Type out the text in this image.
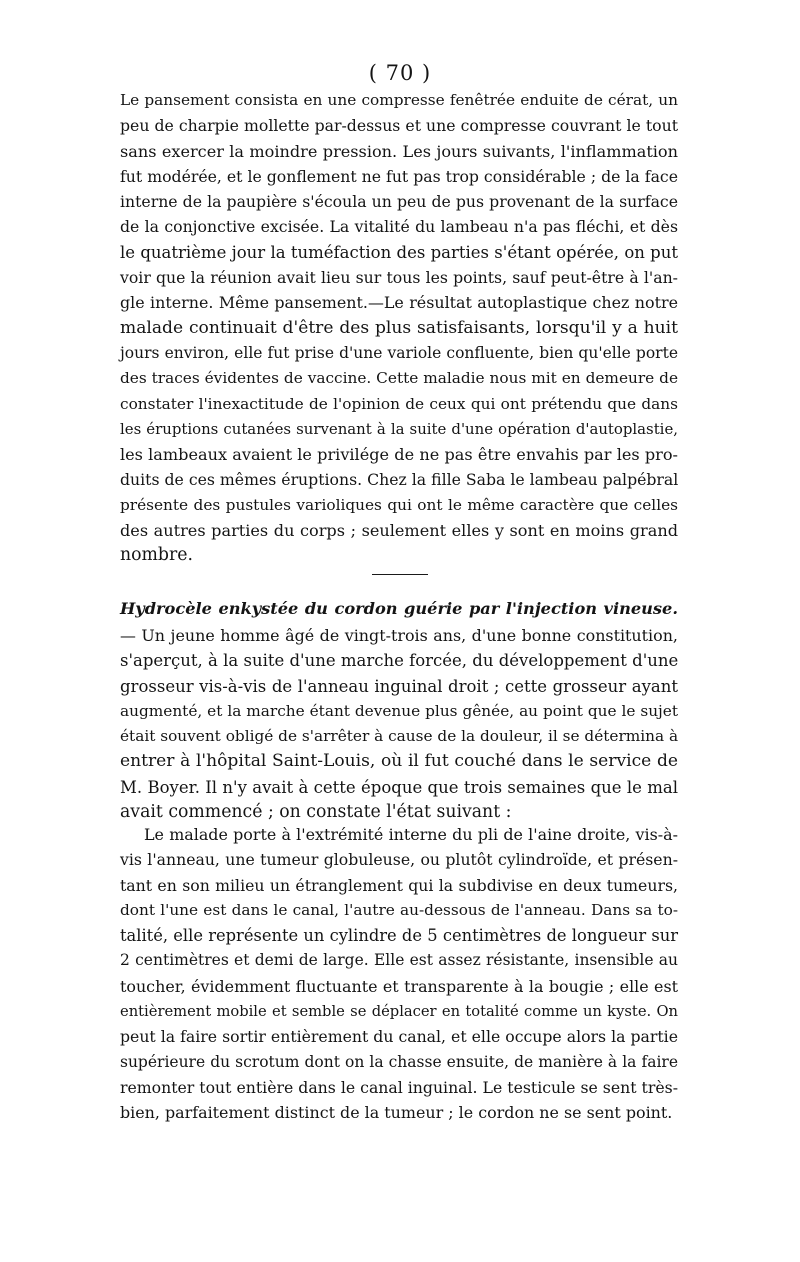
( 70 )
Le pansement consista en une compresse fenêtrée enduite de cérat, un
peu de charpie mollette par-dessus et une compresse couvrant le tout
sans exercer la moindre pression. Les jours suivants, l'inflammation
fut modérée, et le gonflement ne fut pas trop considérable ; de la face
interne de la paupière s'écoula un peu de pus provenant de la surface
de la conjonctive excisée. La vitalité du lambeau n'a pas fléchi, et dès
le quatrième jour la tuméfaction des parties s'étant opérée, on put
voir que la réunion avait lieu sur tous les points, sauf peut-être à l'an-
gle interne. Même pansement.—Le résultat autoplastique chez notre
malade continuait d'être des plus satisfaisants, lorsqu'il y a huit
jours environ, elle fut prise d'une variole confluente, bien qu'elle porte
des traces évidentes de vaccine. Cette maladie nous mit en demeure de
constater l'inexactitude de l'opinion de ceux qui ont prétendu que dans
les éruptions cutanées survenant à la suite d'une opération d'autoplastie,
les lambeaux avaient le privilége de ne pas être envahis par les pro-
duits de ces mêmes éruptions. Chez la fille Saba le lambeau palpébral
présente des pustules varioliques qui ont le même caractère que celles
des autres parties du corps ; seulement elles y sont en moins grand
nombre.
Hydrocèle enkystée du cordon guérie par l'injection vineuse.
— Un jeune homme âgé de vingt-trois ans, d'une bonne constitution,
s'aperçut, à la suite d'une marche forcée, du développement d'une
grosseur vis-à-vis de l'anneau inguinal droit ; cette grosseur ayant
augmenté, et la marche étant devenue plus gênée, au point que le sujet
était souvent obligé de s'arrêter à cause de la douleur, il se détermina à
entrer à l'hôpital Saint-Louis, où il fut couché dans le service de
M. Boyer. Il n'y avait à cette époque que trois semaines que le mal
avait commencé ; on constate l'état suivant :
Le malade porte à l'extrémité interne du pli de l'aine droite, vis-à-
vis l'anneau, une tumeur globuleuse, ou plutôt cylindroïde, et présen-
tant en son milieu un étranglement qui la subdivise en deux tumeurs,
dont l'une est dans le canal, l'autre au-dessous de l'anneau. Dans sa to-
talité, elle représente un cylindre de 5 centimètres de longueur sur
2 centimètres et demi de large. Elle est assez résistante, insensible au
toucher, évidemment fluctuante et transparente à la bougie ; elle est
entièrement mobile et semble se déplacer en totalité comme un kyste. On
peut la faire sortir entièrement du canal, et elle occupe alors la partie
supérieure du scrotum dont on la chasse ensuite, de manière à la faire
remonter tout entière dans le canal inguinal. Le testicule se sent très-
bien, parfaitement distinct de la tumeur ; le cordon ne se sent point.
